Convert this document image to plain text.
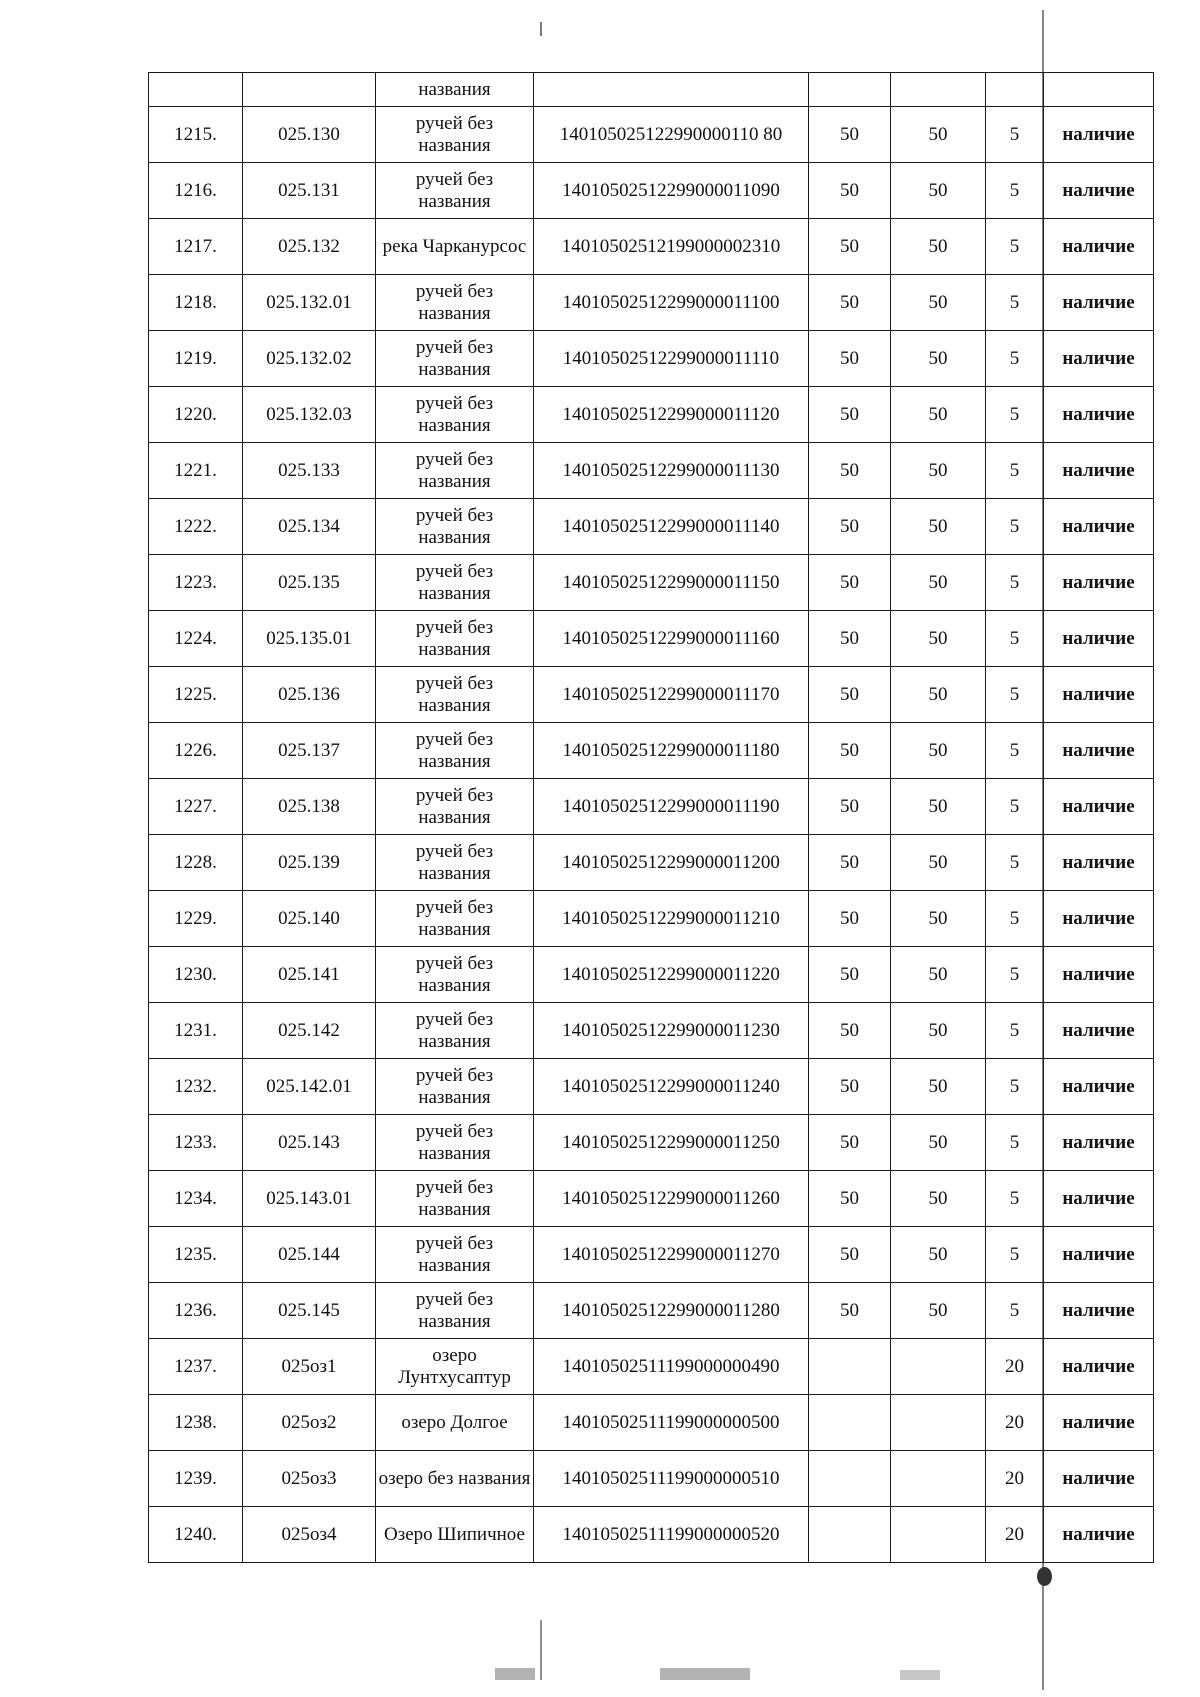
		названия					
1215.	025.130	ручей без названия	140105025122990000110 80	50	50	5	наличие
1216.	025.131	ручей без названия	14010502512299000011090	50	50	5	наличие
1217.	025.132	река Чарканурсос	14010502512199000002310	50	50	5	наличие
1218.	025.132.01	ручей без названия	14010502512299000011100	50	50	5	наличие
1219.	025.132.02	ручей без названия	14010502512299000011110	50	50	5	наличие
1220.	025.132.03	ручей без названия	14010502512299000011120	50	50	5	наличие
1221.	025.133	ручей без названия	14010502512299000011130	50	50	5	наличие
1222.	025.134	ручей без названия	14010502512299000011140	50	50	5	наличие
1223.	025.135	ручей без названия	14010502512299000011150	50	50	5	наличие
1224.	025.135.01	ручей без названия	14010502512299000011160	50	50	5	наличие
1225.	025.136	ручей без названия	14010502512299000011170	50	50	5	наличие
1226.	025.137	ручей без названия	14010502512299000011180	50	50	5	наличие
1227.	025.138	ручей без названия	14010502512299000011190	50	50	5	наличие
1228.	025.139	ручей без названия	14010502512299000011200	50	50	5	наличие
1229.	025.140	ручей без названия	14010502512299000011210	50	50	5	наличие
1230.	025.141	ручей без названия	14010502512299000011220	50	50	5	наличие
1231.	025.142	ручей без названия	14010502512299000011230	50	50	5	наличие
1232.	025.142.01	ручей без названия	14010502512299000011240	50	50	5	наличие
1233.	025.143	ручей без названия	14010502512299000011250	50	50	5	наличие
1234.	025.143.01	ручей без названия	14010502512299000011260	50	50	5	наличие
1235.	025.144	ручей без названия	14010502512299000011270	50	50	5	наличие
1236.	025.145	ручей без названия	14010502512299000011280	50	50	5	наличие
1237.	025оз1	озеро Лунтхусаптур	14010502511199000000490			20	наличие
1238.	025оз2	озеро Долгое	14010502511199000000500			20	наличие
1239.	025оз3	озеро без названия	14010502511199000000510			20	наличие
1240.	025оз4	Озеро Шипичное	14010502511199000000520			20	наличие
